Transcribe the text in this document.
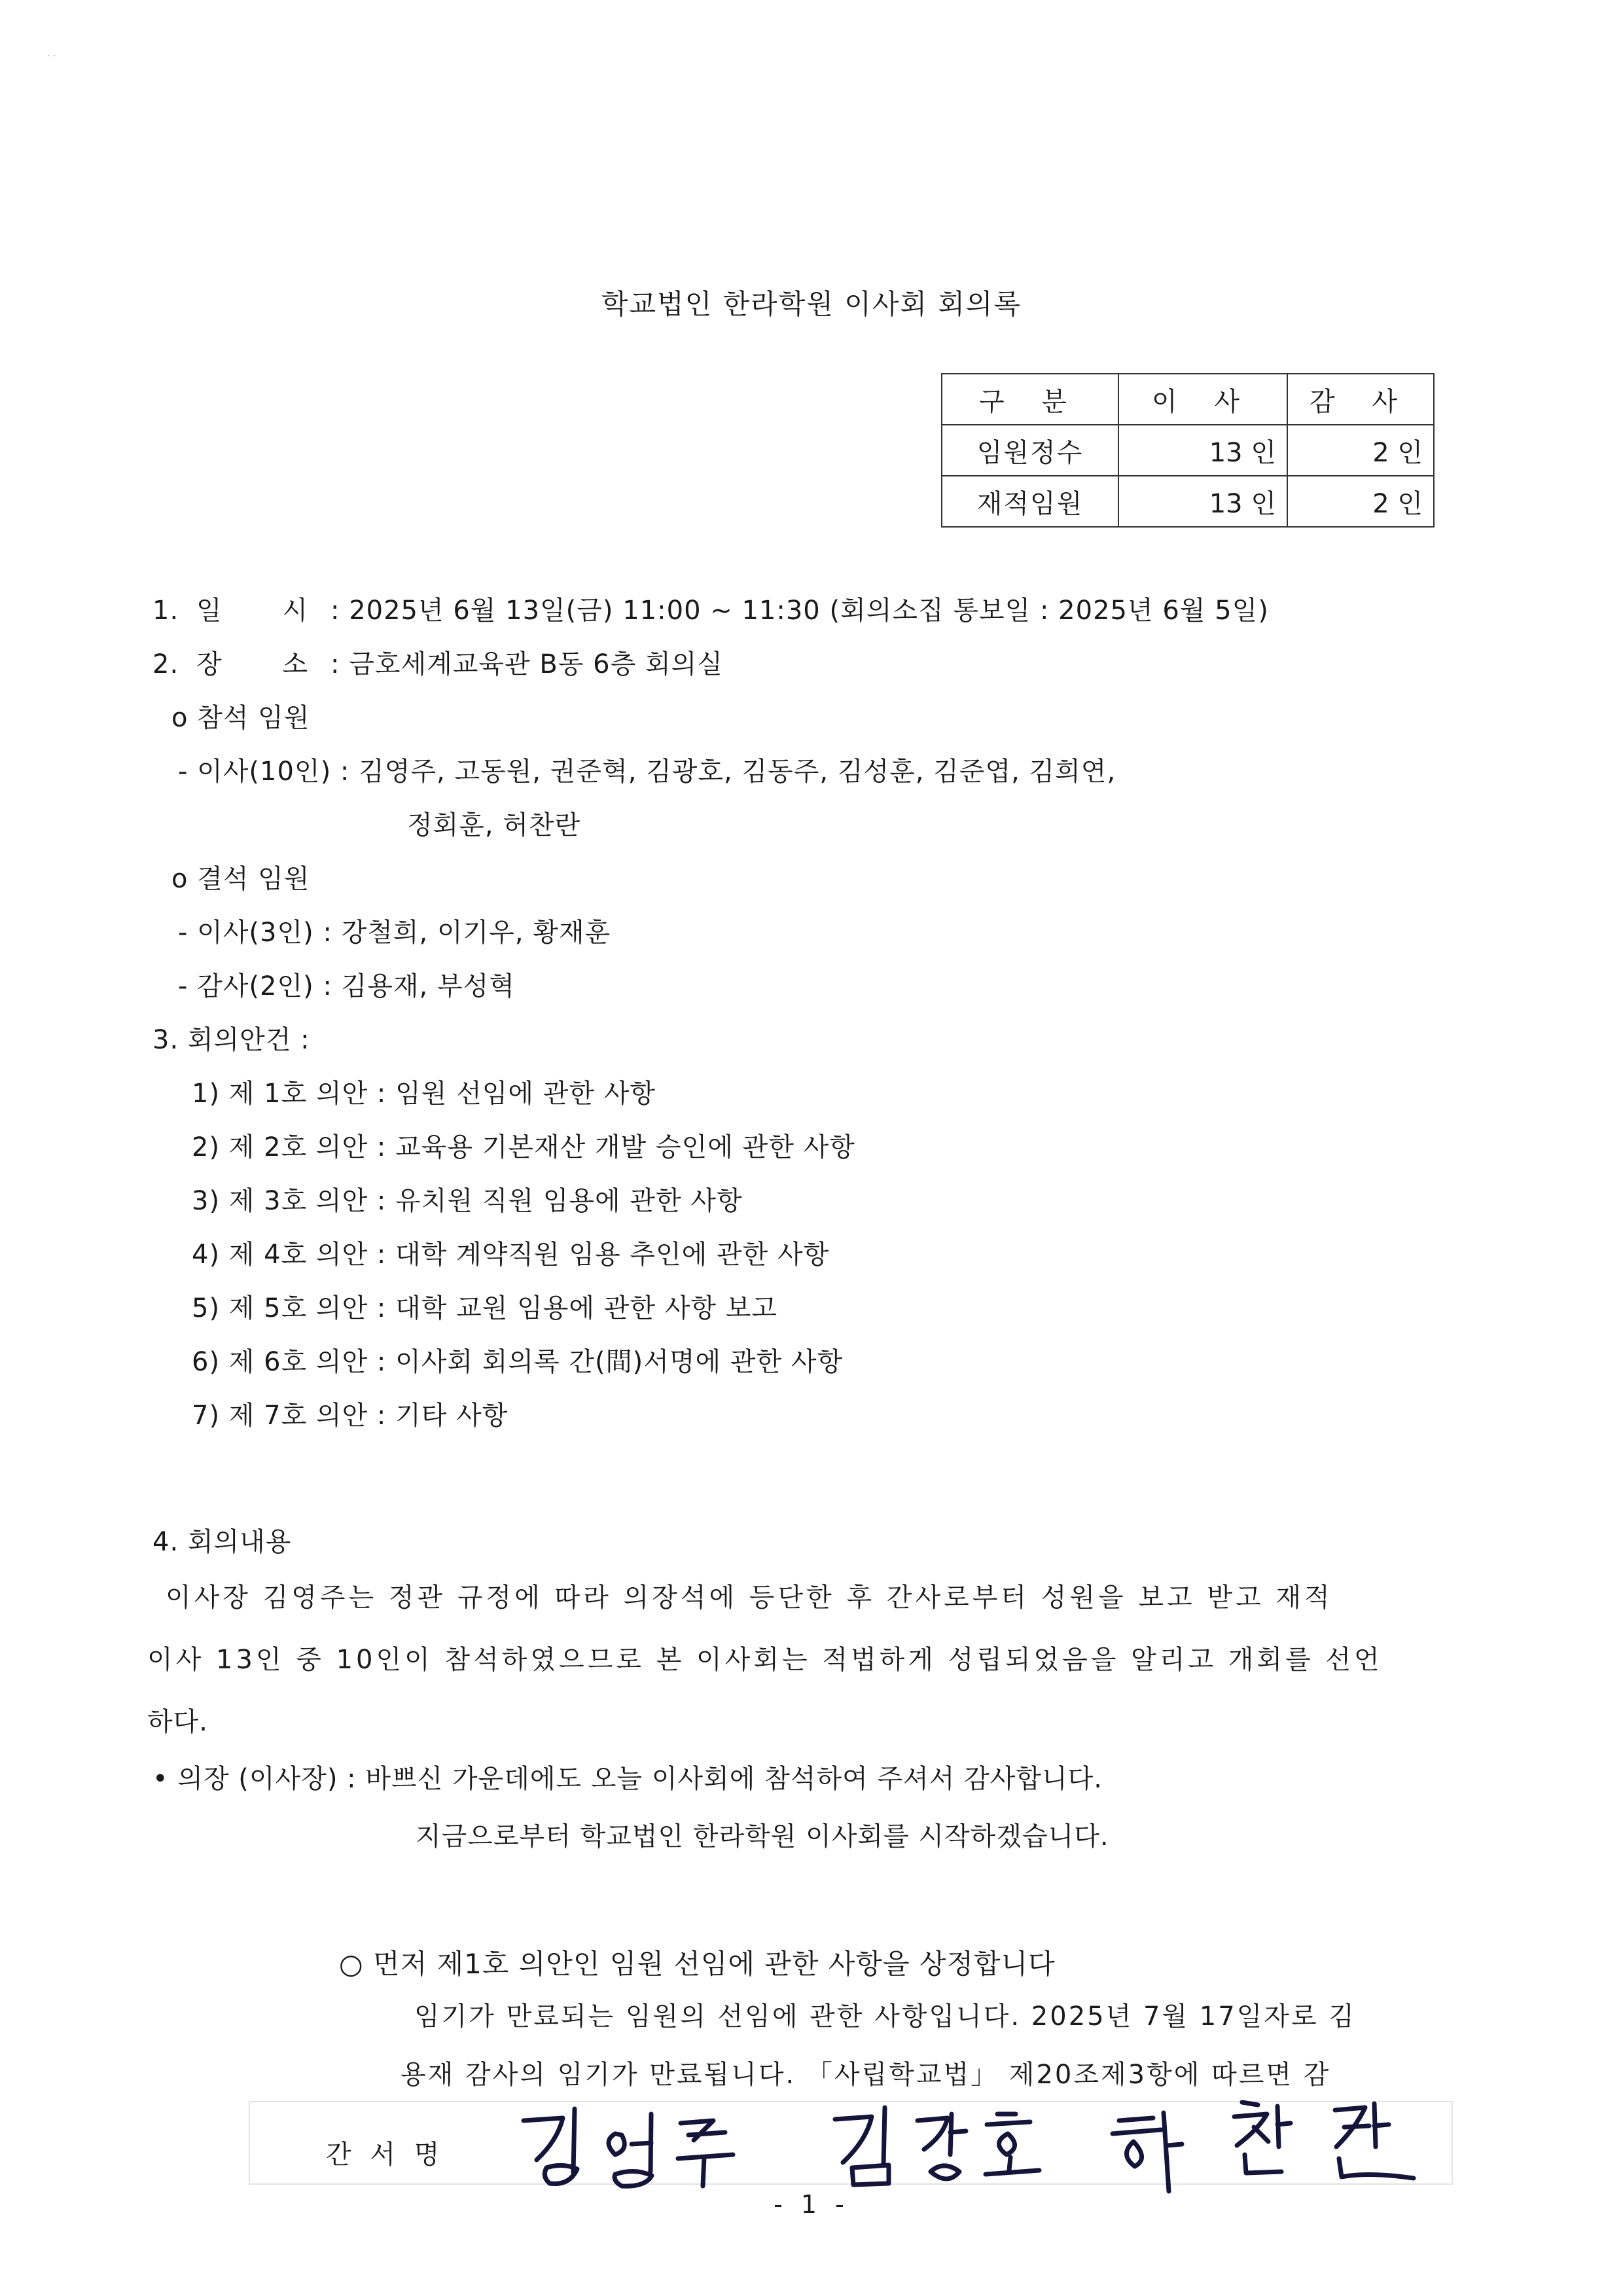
· ·
학교법인 한라학원 이사회 회의록
구 분	이 사	감 사
임원정수	13 인	2 인
재적임원	13 인	2 인
1. 일 시
: 2025년 6월 13일(금) 11:00 ~ 11:30 (회의소집 통보일 : 2025년 6월 5일)
2. 장 소
: 금호세계교육관 B동 6층 회의실
o 참석 임원
- 이사(10인) : 김영주, 고동원, 권준혁, 김광호, 김동주, 김성훈, 김준엽, 김희연,
정회훈, 허찬란
o 결석 임원
- 이사(3인) : 강철희, 이기우, 황재훈
- 감사(2인) : 김용재, 부성혁
3. 회의안건 :
1) 제 1호 의안 : 임원 선임에 관한 사항
2) 제 2호 의안 : 교육용 기본재산 개발 승인에 관한 사항
3) 제 3호 의안 : 유치원 직원 임용에 관한 사항
4) 제 4호 의안 : 대학 계약직원 임용 추인에 관한 사항
5) 제 5호 의안 : 대학 교원 임용에 관한 사항 보고
6) 제 6호 의안 : 이사회 회의록 간(間)서명에 관한 사항
7) 제 7호 의안 : 기타 사항
4. 회의내용
이사장 김영주는 정관 규정에 따라 의장석에 등단한 후 간사로부터 성원을 보고 받고 재적
이사 13인 중 10인이 참석하였으므로 본 이사회는 적법하게 성립되었음을 알리고 개회를 선언
하다.
• 의장 (이사장) : 바쁘신 가운데에도 오늘 이사회에 참석하여 주셔서 감사합니다.
지금으로부터 학교법인 한라학원 이사회를 시작하겠습니다.
○ 먼저 제1호 의안인 임원 선임에 관한 사항을 상정합니다
임기가 만료되는 임원의 선임에 관한 사항입니다. 2025년 7월 17일자로 김
용재 감사의 임기가 만료됩니다. 「사립학교법」 제20조제3항에 따르면 감
간 서 명
- 1 -
